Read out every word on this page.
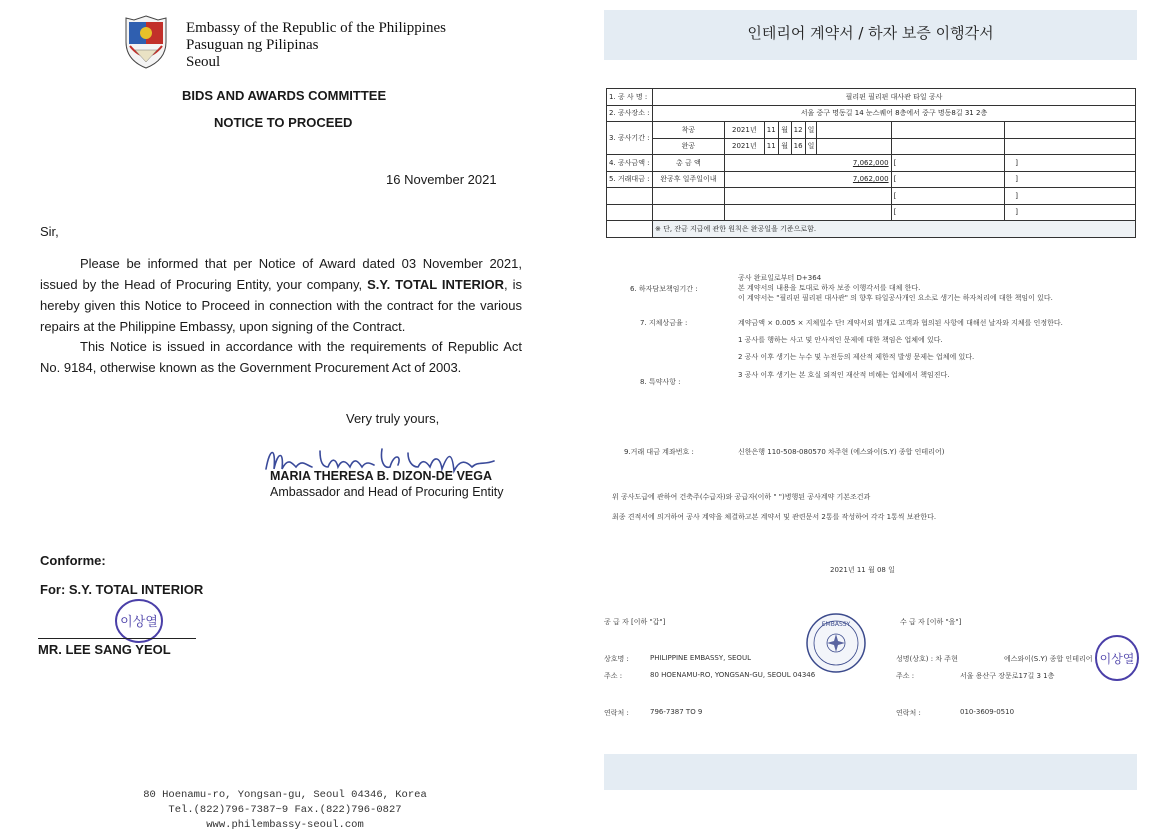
Embassy of the Republic of the Philippines
Pasuguan ng Pilipinas
Seoul
BIDS AND AWARDS COMMITTEE
NOTICE TO PROCEED
16 November 2021
Sir,
Please be informed that per Notice of Award dated 03 November 2021, issued by the Head of Procuring Entity, your company, S.Y. TOTAL INTERIOR, is hereby given this Notice to Proceed in connection with the contract for the various repairs at the Philippine Embassy, upon signing of the Contract.
This Notice is issued in accordance with the requirements of Republic Act No. 9184, otherwise known as the Government Procurement Act of 2003.
Very truly yours,
MARIA THERESA B. DIZON-DE VEGA
Ambassador and Head of Procuring Entity
Conforme:
For: S.Y. TOTAL INTERIOR
이상열
MR. LEE SANG YEOL
80 Hoenamu-ro, Yongsan-gu, Seoul 04346, Korea
Tel.(822)796-7387~9 Fax.(822)796-0827
www.philembassy-seoul.com
인테리어 계약서 / 하자 보증 이행각서
1. 공 사 명 :	필리핀 필리핀 대사관 타일 공사								
2. 공사장소 :	서울 중구 명동길 14 눈스퀘어 8층에서 중구 명동8길 31 2층								
3. 공사기간 :	착공	2021년	11	월	12	일			
	완공	2021년	11	월	16	일			
4. 공사금액 :	총 금 액	7,062,000						[	]
5. 거래대금 :	완공후 일주일이내	7,062,000						[	]
								[	]
								[	]
	※ 단, 잔금 지급에 관한 원칙은 완공일을 기준으로함.								
6. 하자담보책임기간 :
공사 완료일로부터 D+364
본 계약서의 내용을 토대로 하자 보증 이행각서를 대체 한다.
이 계약서는 "필리핀 필리핀 대사관" 의 향후 타일공사개인 요소로 생기는 하자처리에 대한 책임이 있다.
7. 지체상금율 :	계약금액 × 0.005 × 지체일수 단! 계약서외 별개로 고객과 협의된 사항에 대해선 날자와 지체를 인정한다.
1 공사를 행하는 사고 및 안사적인 문제에 대한 책임은 업체에 있다.
2 공사 이후 생기는 누수 및 누전등의 제산적 제한적 발생 문제는 업체에 있다.
3 공사 이후 생기는 본 호실 외적인 재산적 비해는 업체에서 책임진다.
8. 특약사항 :
9.거래 대금 계좌번호 :	신한은행 110-508-080570 차주현 (에스와이(S.Y) 종합 인테리어)
위 공사도급에 관하여 건축주(수급자)와 공급자(이하 " ")병행된 공사계약 기본조건과
최종 견적서에 의거하여 공사 계약을 체결하고본 계약서 및 관련문서 2통를 작성하여 각각 1통씩 보관한다.
2021년 11 월 08 일
공 급 자 [이하 "갑"]	수 급 자 [이하 "을"]
상호명 :	PHILIPPINE EMBASSY, SEOUL
주소 :	80 HOENAMU-RO, YONGSAN-GU, SEOUL 04346
연락처 :	796-7387 TO 9
성명(상호) : 차 주현	에스와이(S.Y) 종합 인테리어
주소 :	서울 용산구 장문로17길 3 1층
연락처 :	010-3609-0510
EMBASSY
이상열
